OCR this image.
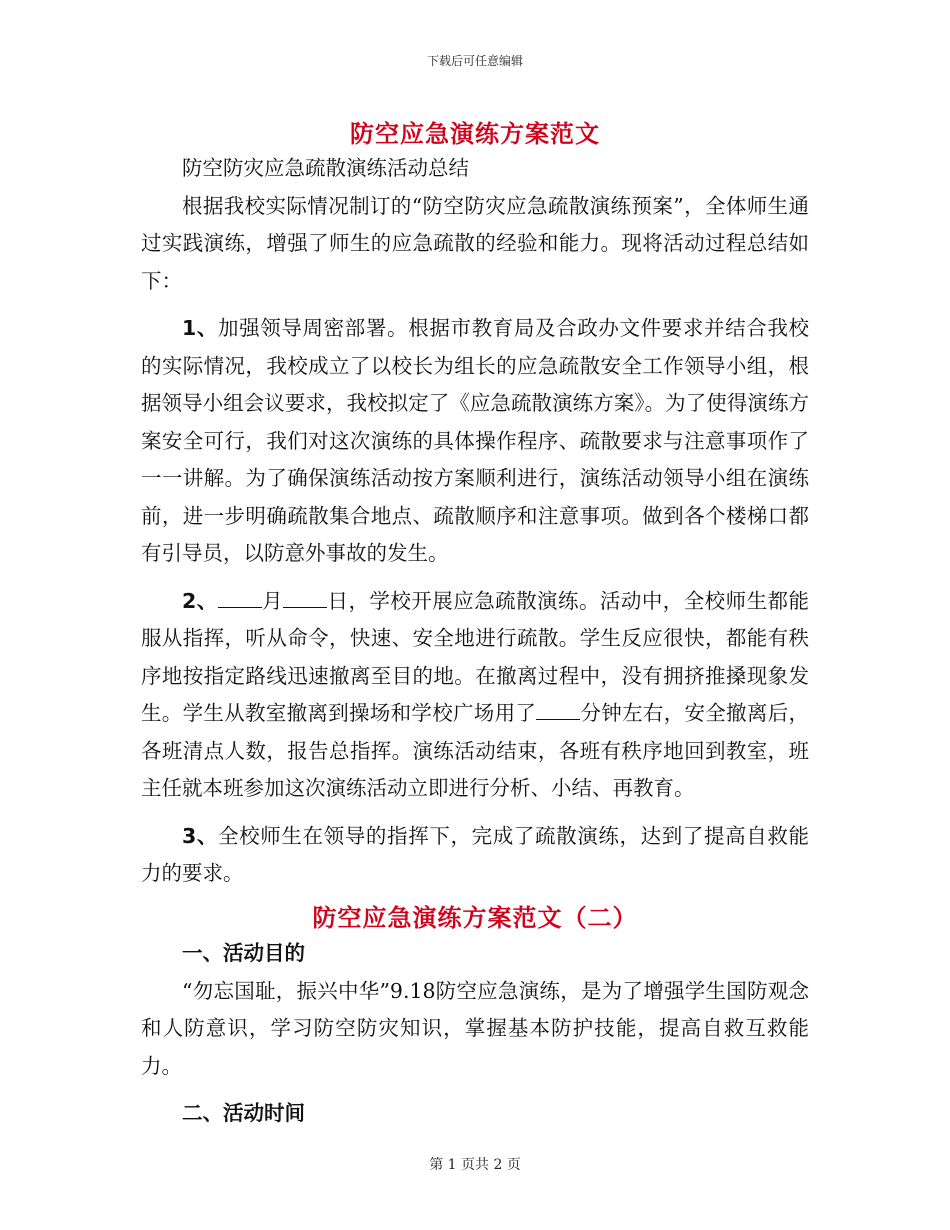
下载后可任意编辑
防空应急演练方案范文

防空防灾应急疏散演练活动总结

根据我校实际情况制订的“防空防灾应急疏散演练预案”，全体师生通过实践演练，增强了师生的应急疏散的经验和能力。现将活动过程总结如下：

1、加强领导周密部署。根据市教育局及合政办文件要求并结合我校的实际情况，我校成立了以校长为组长的应急疏散安全工作领导小组，根据领导小组会议要求，我校拟定了《应急疏散演练方案》。为了使得演练方案安全可行，我们对这次演练的具体操作程序、疏散要求与注意事项作了一一讲解。为了确保演练活动按方案顺利进行，演练活动领导小组在演练前，进一步明确疏散集合地点、疏散顺序和注意事项。做到各个楼梯口都有引导员，以防意外事故的发生。

2、 月 日，学校开展应急疏散演练。活动中，全校师生都能服从指挥，听从命令，快速、安全地进行疏散。学生反应很快，都能有秩序地按指定路线迅速撤离至目的地。在撤离过程中，没有拥挤推搡现象发生。学生从教室撤离到操场和学校广场用了 分钟左右，安全撤离后，各班清点人数，报告总指挥。演练活动结束，各班有秩序地回到教室，班主任就本班参加这次演练活动立即进行分析、小结、再教育。

3、全校师生在领导的指挥下，完成了疏散演练，达到了提高自救能力的要求。

防空应急演练方案范文（二）

一、活动目的

“勿忘国耻，振兴中华”9.18防空应急演练，是为了增强学生国防观念和人防意识，学习防空防灾知识，掌握基本防护技能，提高自救互救能力。

二、活动时间

第 1 页共 2 页
